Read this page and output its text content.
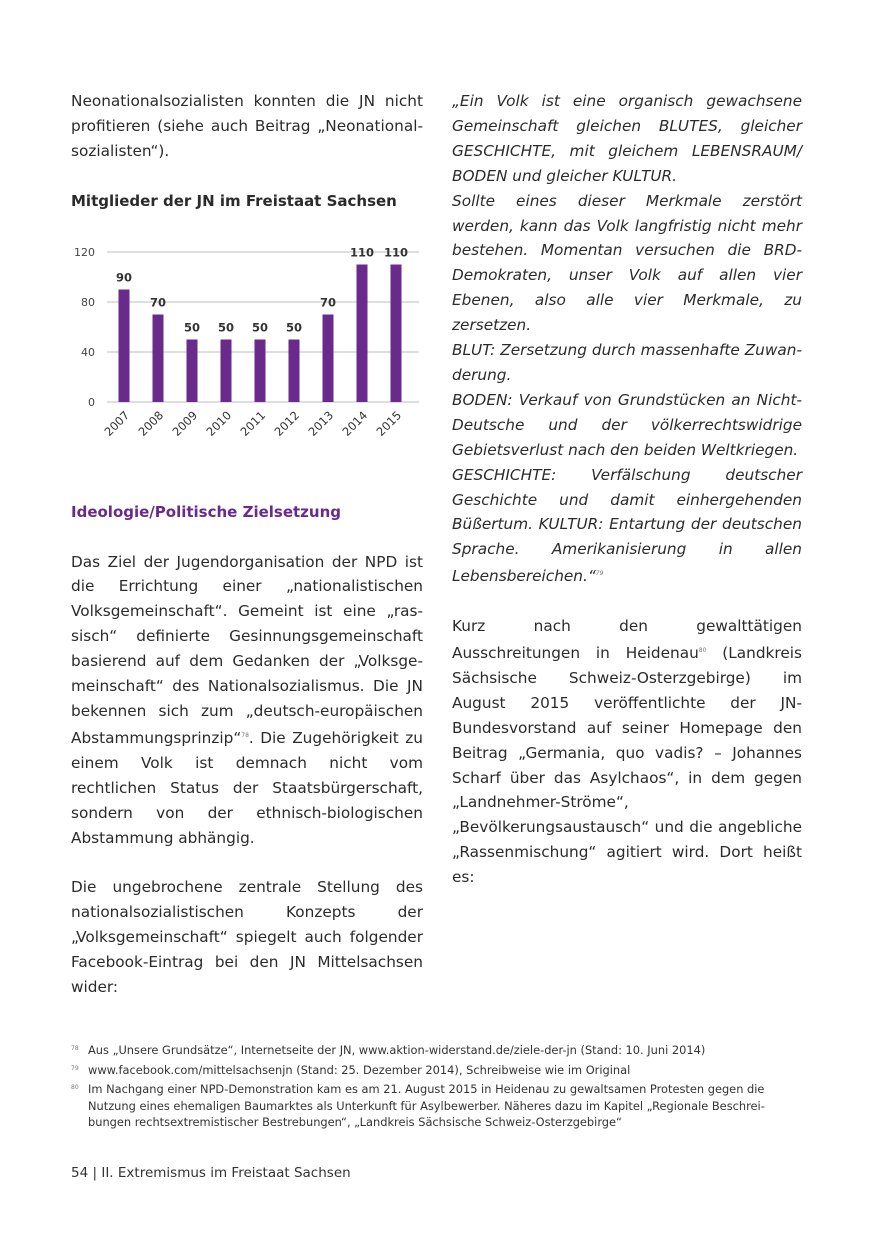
Neonationalsozialisten konnten die JN nicht profitieren (siehe auch Beitrag „Neonationalsozialisten“).

Mitglieder der JN im Freistaat Sachsen

0
40
80
120
90
2007
70
2008
50
2009
50
2010
50
2011
50
2012
70
2013
110
2014
110
2015

Ideologie/Politische Zielsetzung

Das Ziel der Jugendorganisation der NPD ist die Errichtung einer „nationalistischen Volksgemeinschaft“. Gemeint ist eine „rassisch“ definierte Gesinnungsgemeinschaft basierend auf dem Gedanken der „Volksgemeinschaft“ des Nationalsozialismus. Die JN bekennen sich zum „deutsch-europäischen Abstammungsprinzip“$^{78}$. Die Zugehörigkeit zu einem Volk ist demnach nicht vom rechtlichen Status der Staatsbürgerschaft, sondern von der ethnisch-biologischen Abstammung abhängig.

Die ungebrochene zentrale Stellung des nationalsozialistischen Konzepts der „Volksgemeinschaft“ spiegelt auch folgender Facebook-Eintrag bei den JN Mittelsachsen wider:

„Ein Volk ist eine organisch gewachsene Gemeinschaft gleichen BLUTES, gleicher GESCHICHTE, mit gleichem LEBENSRAUM/ BODEN und gleicher KULTUR.

Sollte eines dieser Merkmale zerstört werden, kann das Volk langfristig nicht mehr bestehen. Momentan versuchen die BRD-Demokraten, unser Volk auf allen vier Ebenen, also alle vier Merkmale, zu zersetzen.

BLUT: Zersetzung durch massenhafte Zuwanderung.

BODEN: Verkauf von Grundstücken an Nicht-Deutsche und der völkerrechtswidrige Gebietsverlust nach den beiden Weltkriegen.

GESCHICHTE: Verfälschung deutscher Geschichte und damit einhergehenden Büßertum. KULTUR: Entartung der deutschen Sprache. Amerikanisierung in allen Lebensbereichen.“$^{79}$

Kurz nach den gewalttätigen Ausschreitungen in Heidenau$^{80}$ (Landkreis Sächsische Schweiz-Osterzgebirge) im August 2015 veröffentlichte der JN-Bundesvorstand auf seiner Homepage den Beitrag „Germania, quo vadis? – Johannes Scharf über das Asylchaos“, in dem gegen „Landnehmer-Ströme“, „Bevölkerungsaustausch“ und die angebliche „Rassenmischung“ agitiert wird. Dort heißt es:

78 Aus „Unsere Grundsätze“, Internetseite der JN, www.aktion-widerstand.de/ziele-der-jn (Stand: 10. Juni 2014)
79 www.facebook.com/mittelsachsenjn (Stand: 25. Dezember 2014), Schreibweise wie im Original
80 Im Nachgang einer NPD-Demonstration kam es am 21. August 2015 in Heidenau zu gewaltsamen Protesten gegen die Nutzung eines ehemaligen Baumarktes als Unterkunft für Asylbewerber. Näheres dazu im Kapitel „Regionale Beschreibungen rechtsextremistischer Bestrebungen“, „Landkreis Sächsische Schweiz-Osterzgebirge“
54 | II. Extremismus im Freistaat Sachsen
